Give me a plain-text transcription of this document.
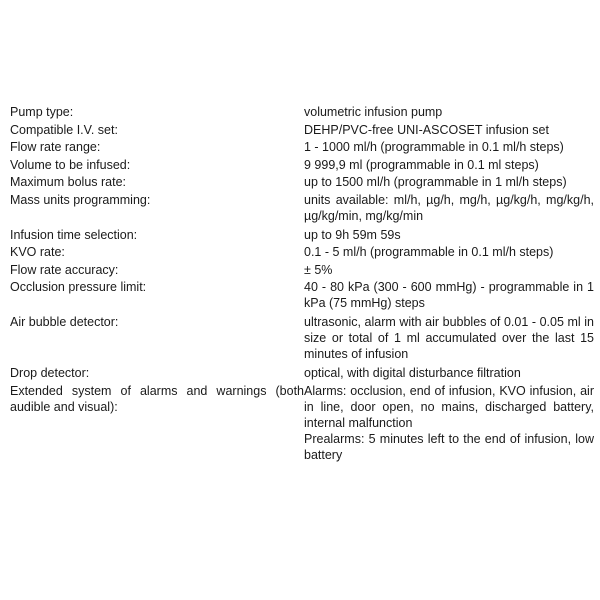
Pump type:	volumetric infusion pump
Compatible I.V. set:	DEHP/PVC-free UNI-ASCOSET infusion set
Flow rate range:	1 - 1000 ml/h (programmable in 0.1 ml/h steps)
Volume to be infused:	9 999,9 ml (programmable in 0.1 ml steps)
Maximum bolus rate:	up to 1500 ml/h (programmable in 1 ml/h steps)
Mass units programming:	units available: ml/h, µg/h, mg/h, µg/kg/h, mg/kg/h, µg/kg/min, mg/kg/min
Infusion time selection:	up to 9h 59m 59s
KVO rate:	0.1 - 5 ml/h (programmable in 0.1 ml/h steps)
Flow rate accuracy:	± 5%
Occlusion pressure limit:	40 - 80 kPa (300 - 600 mmHg) - programmable in 1 kPa (75 mmHg) steps
Air bubble detector:	ultrasonic, alarm with air bubbles of 0.01 - 0.05 ml in size or total of 1 ml accumulated over the last 15 minutes of infusion
Drop detector:	optical, with digital disturbance filtration
Extended system of alarms and warnings (both audible and visual):
Alarms: occlusion, end of infusion, KVO infusion, air in line, door open, no mains, discharged battery, internal malfunction
Prealarms: 5 minutes left to the end of infusion, low battery
